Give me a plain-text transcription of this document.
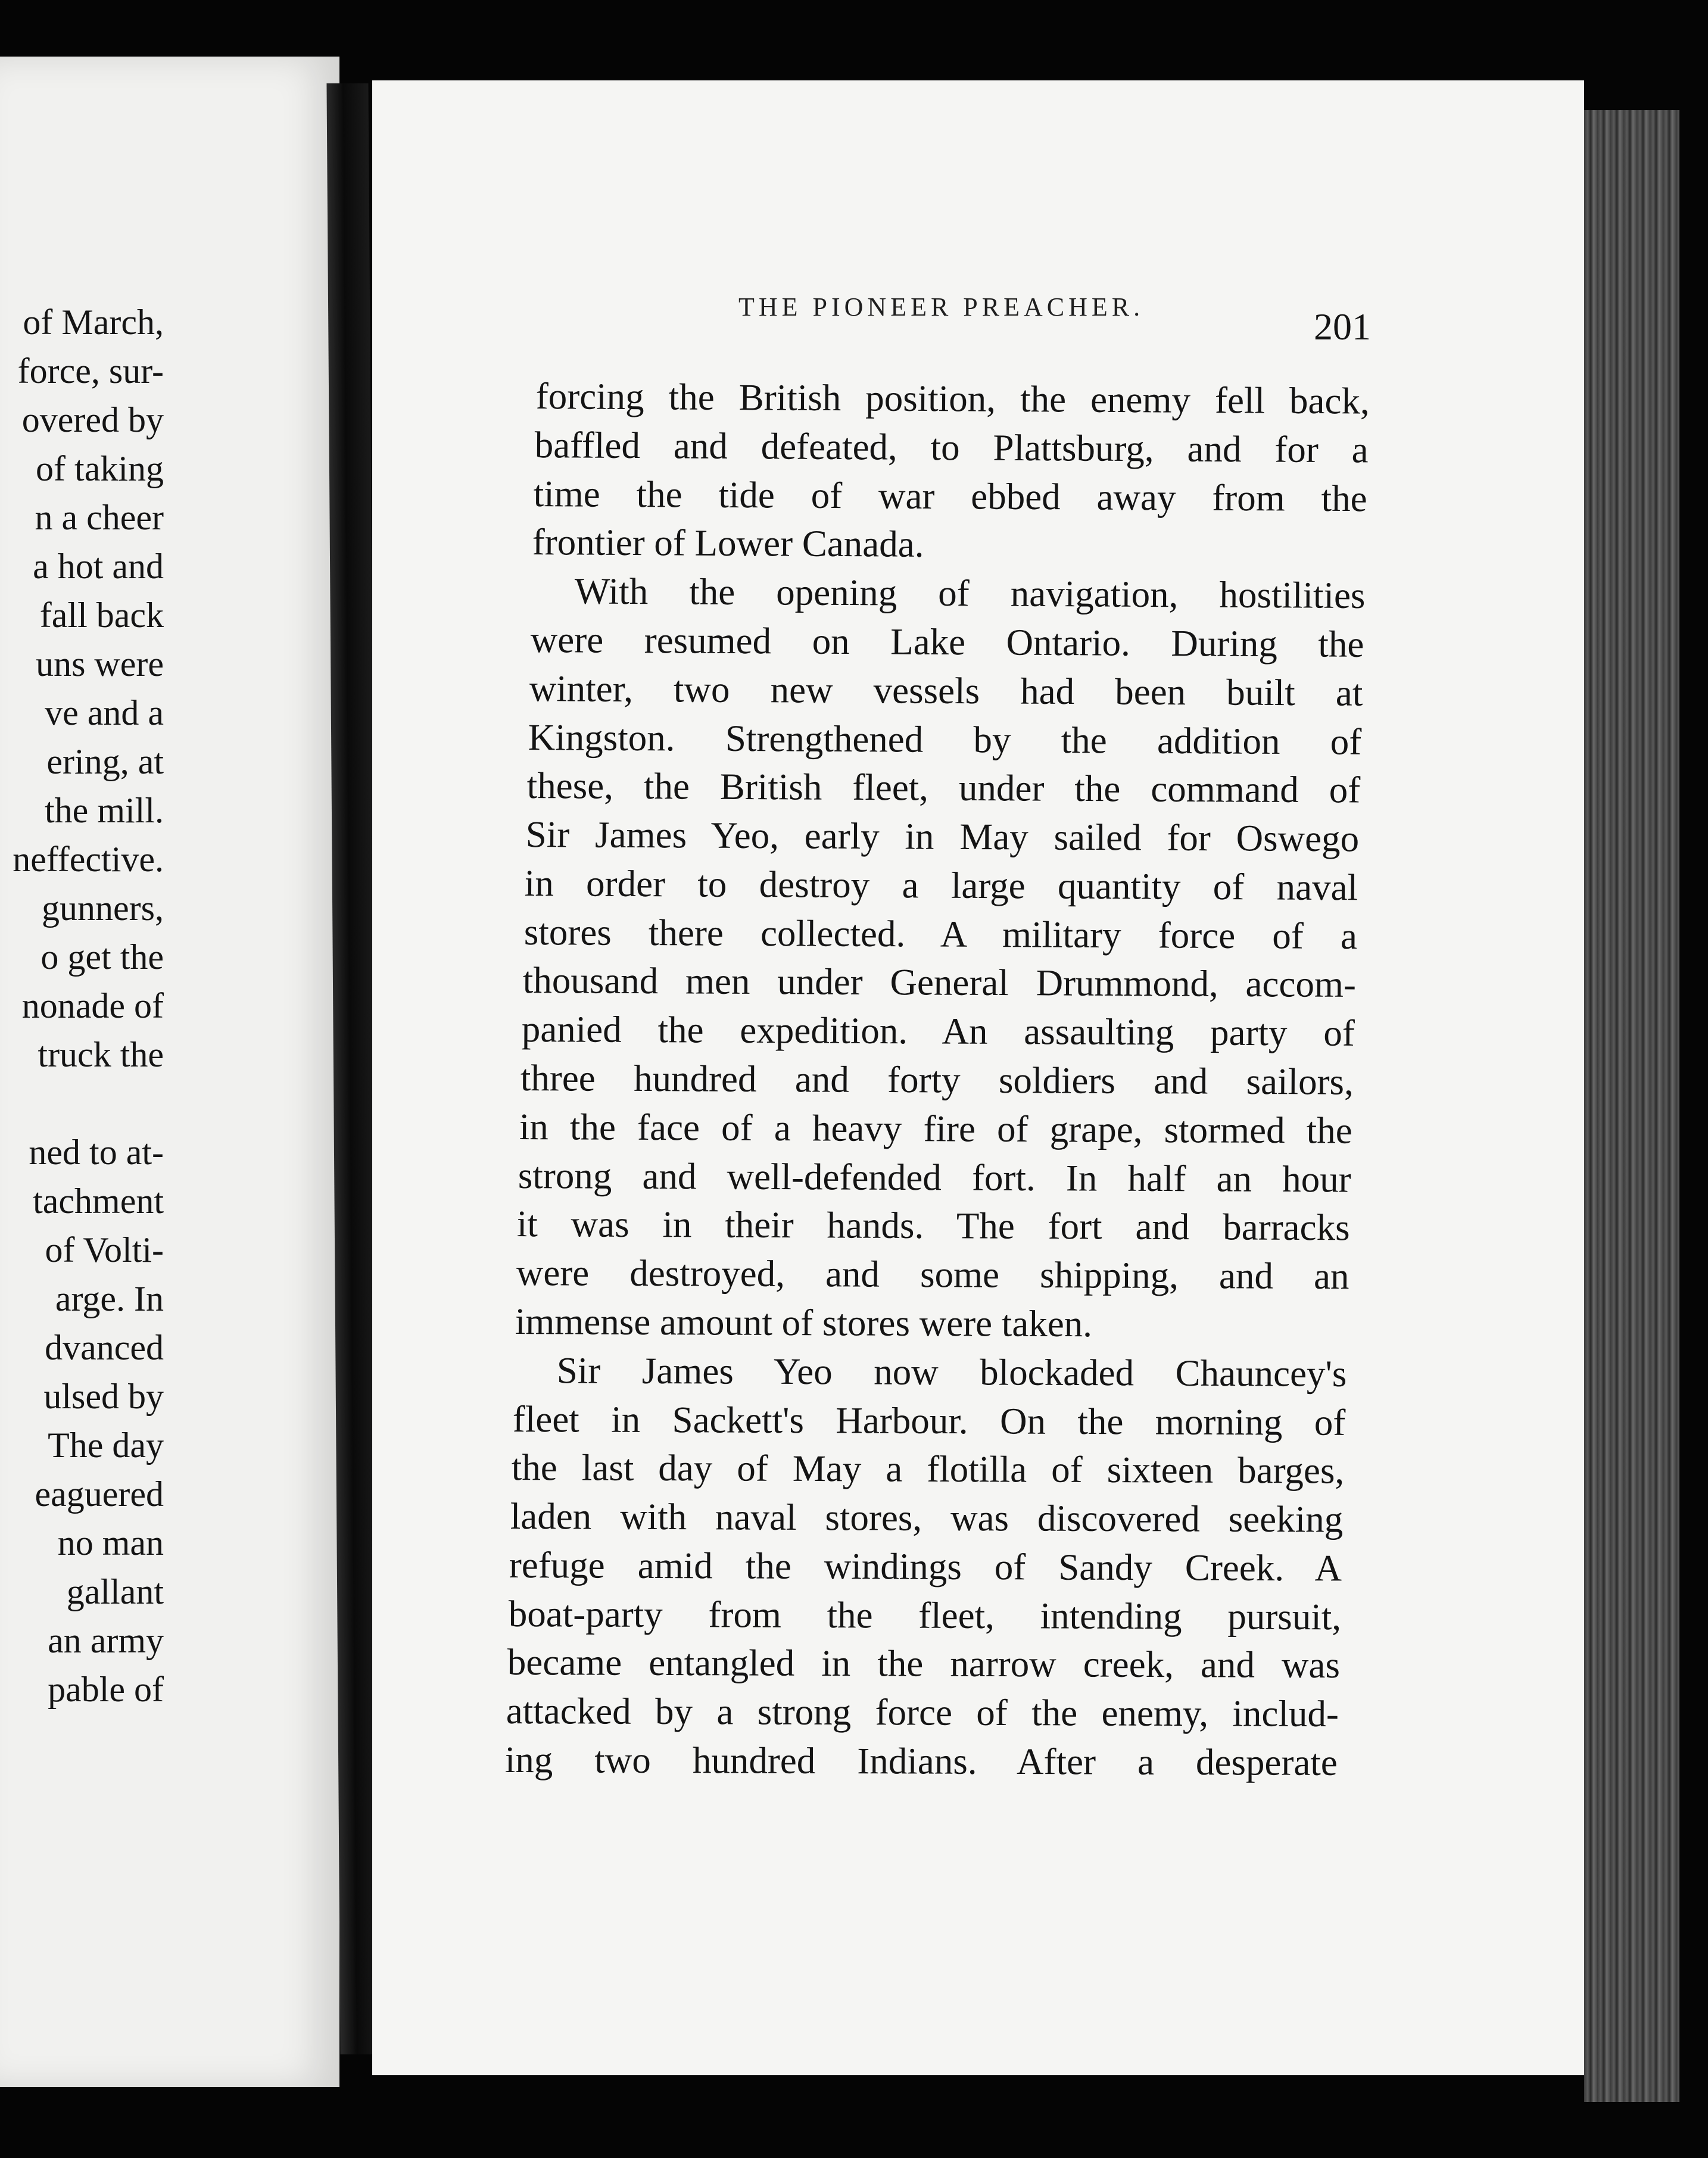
of March,
force, sur-
overed by
of taking
n a cheer
a hot and
fall back
uns were
ve and a
ering, at
the mill.
neffective.
gunners,
o get the
nonade of
truck the
ned to at-
tachment
of Volti-
arge. In
dvanced
ulsed by
The day
eaguered
no man
gallant
an army
pable of
THE PIONEER PREACHER.	201
forcing the British position, the enemy fell back,
baffled and defeated, to Plattsburg, and for a
time the tide of war ebbed away from the
frontier of Lower Canada.
With the opening of navigation, hostilities
were resumed on Lake Ontario. During the
winter, two new vessels had been built at
Kingston. Strengthened by the addition of
these, the British fleet, under the command of
Sir James Yeo, early in May sailed for Oswego
in order to destroy a large quantity of naval
stores there collected. A military force of a
thousand men under General Drummond, accom-
panied the expedition. An assaulting party of
three hundred and forty soldiers and sailors,
in the face of a heavy fire of grape, stormed the
strong and well-defended fort. In half an hour
it was in their hands. The fort and barracks
were destroyed, and some shipping, and an
immense amount of stores were taken.
Sir James Yeo now blockaded Chauncey's
fleet in Sackett's Harbour. On the morning of
the last day of May a flotilla of sixteen barges,
laden with naval stores, was discovered seeking
refuge amid the windings of Sandy Creek. A
boat-party from the fleet, intending pursuit,
became entangled in the narrow creek, and was
attacked by a strong force of the enemy, includ-
ing two hundred Indians. After a desperate
